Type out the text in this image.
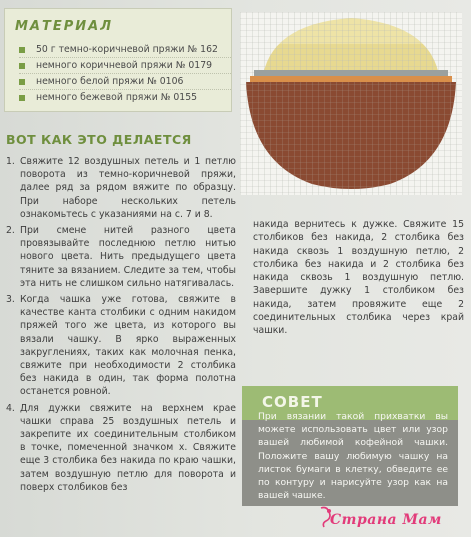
МАТЕРИАЛ
50 г темно-коричневой пряжи № 162
немного коричневой пряжи № 0179
немного белой пряжи № 0106
немного бежевой пряжи № 0155
ВОТ КАК ЭТО ДЕЛАЕТСЯ
1. Свяжите 12 воздушных петель и 1 петлю поворота из темно-коричневой пряжи, далее ряд за рядом вяжите по образцу. При наборе нескольких петель ознакомьтесь с указаниями на с. 7 и 8.
2. При смене нитей разного цвета провязывайте последнюю петлю нитью нового цвета. Нить предыдущего цвета тяните за вязанием. Следите за тем, чтобы эта нить не слишком сильно натягивалась.
3. Когда чашка уже готова, свяжите в качестве канта столбики с одним накидом пряжей того же цвета, из которого вы вязали чашку. В ярко выраженных закруглениях, таких как молочная пенка, свяжите при необходимости 2 столбика без накида в один, так форма полотна останется ровной.
4. Для дужки свяжите на верхнем крае чашки справа 25 воздушных петель и закрепите их соединительным столбиком в точке, помеченной значком x. Свяжите еще 3 столбика без накида по краю чашки, затем воздушную петлю для поворота и поверх столбиков без
накида вернитесь к дужке. Свяжите 15 столбиков без накида, 2 столбика без накида сквозь 1 воздушную петлю, 2 столбика без накида и 2 столбика без накида сквозь 1 воздушную петлю. Завершите дужку 1 столбиком без накида, затем провяжите еще 2 соединительных столбика через край чашки.
СОВЕТ
При вязании такой прихватки вы можете использовать цвет или узор вашей любимой кофейной чашки. Положите вашу любимую чашку на листок бумаги в клетку, обведите ее по контуру и нарисуйте узор как на вашей чашке.
Страна Мам
